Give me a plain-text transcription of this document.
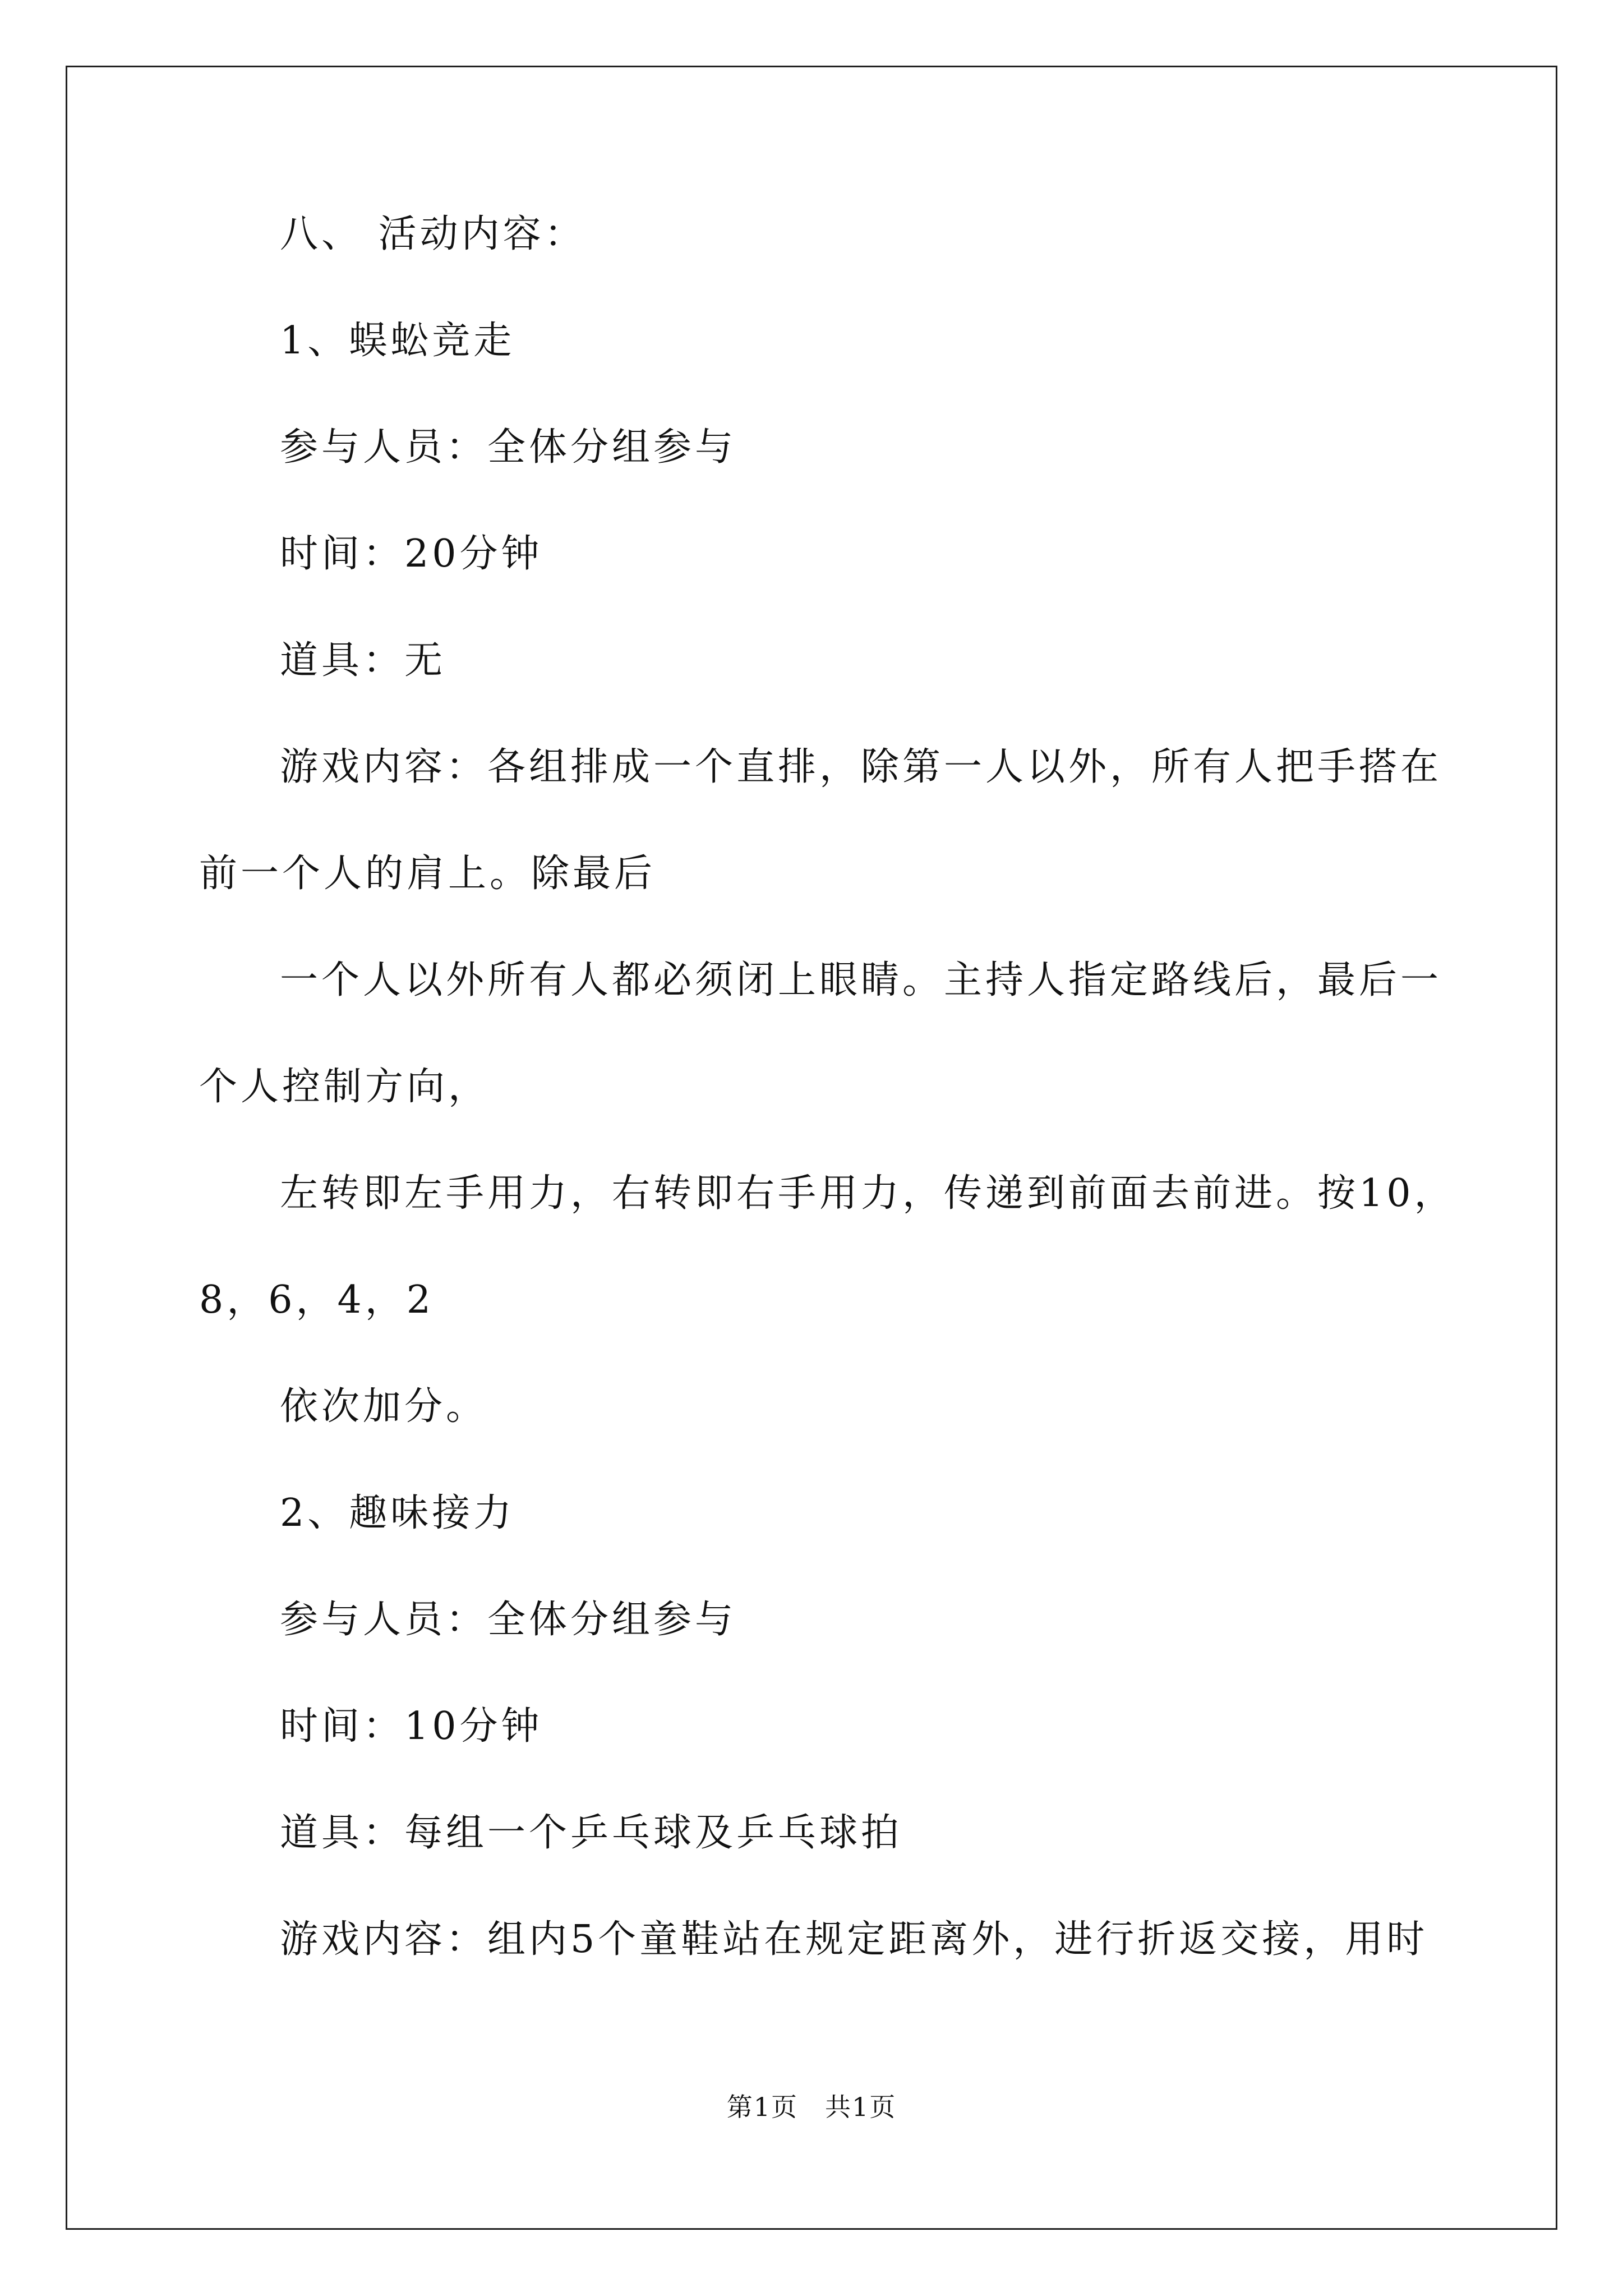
八、 活动内容：
1、蜈蚣竞走
参与人员：全体分组参与
时间：20分钟
道具：无
游戏内容：各组排成一个直排，除第一人以外，所有人把手搭在
前一个人的肩上。除最后
一个人以外所有人都必须闭上眼睛。主持人指定路线后，最后一
个人控制方向，
左转即左手用力，右转即右手用力，传递到前面去前进。按10，
8，6，4，2
依次加分。
2、趣味接力
参与人员：全体分组参与
时间：10分钟
道具：每组一个乒乓球及乒乓球拍
游戏内容：组内5个童鞋站在规定距离外，进行折返交接，用时
第1页　共1页
